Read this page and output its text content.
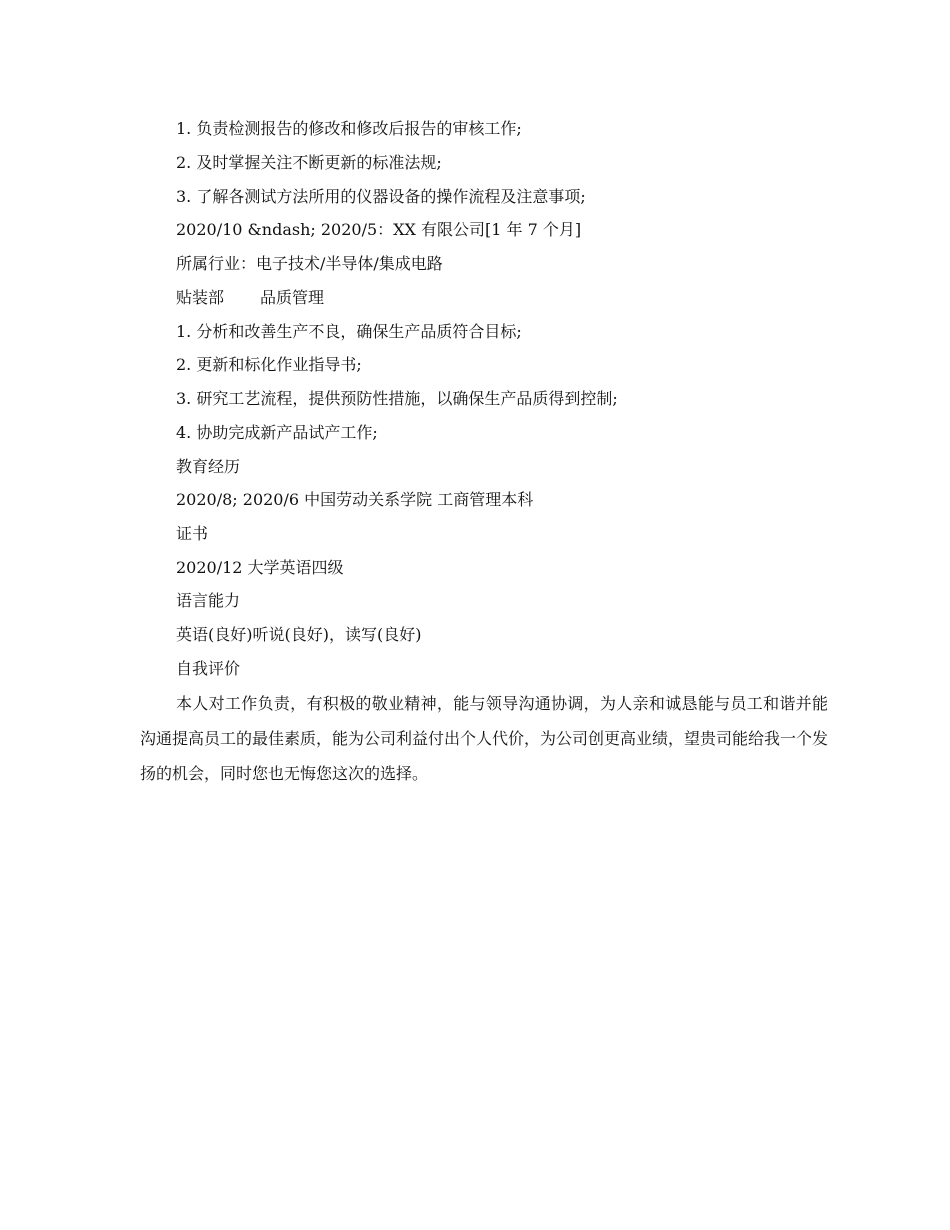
1. 负责检测报告的修改和修改后报告的审核工作;
2. 及时掌握关注不断更新的标准法规;
3. 了解各测试方法所用的仪器设备的操作流程及注意事项;
2020/10 &ndash; 2020/5：XX 有限公司[1 年 7 个月]
所属行业：电子技术/半导体/集成电路
贴装部 品质管理
1. 分析和改善生产不良，确保生产品质符合目标;
2. 更新和标化作业指导书;
3. 研究工艺流程，提供预防性措施，以确保生产品质得到控制;
4. 协助完成新产品试产工作;
教育经历
2020/8; 2020/6 中国劳动关系学院 工商管理本科
证书
2020/12 大学英语四级
语言能力
英语(良好)听说(良好)，读写(良好)
自我评价
本人对工作负责，有积极的敬业精神，能与领导沟通协调，为人亲和诚恳能与员工和谐并能沟通提高员工的最佳素质，能为公司利益付出个人代价，为公司创更高业绩，望贵司能给我一个发扬的机会，同时您也无悔您这次的选择。
